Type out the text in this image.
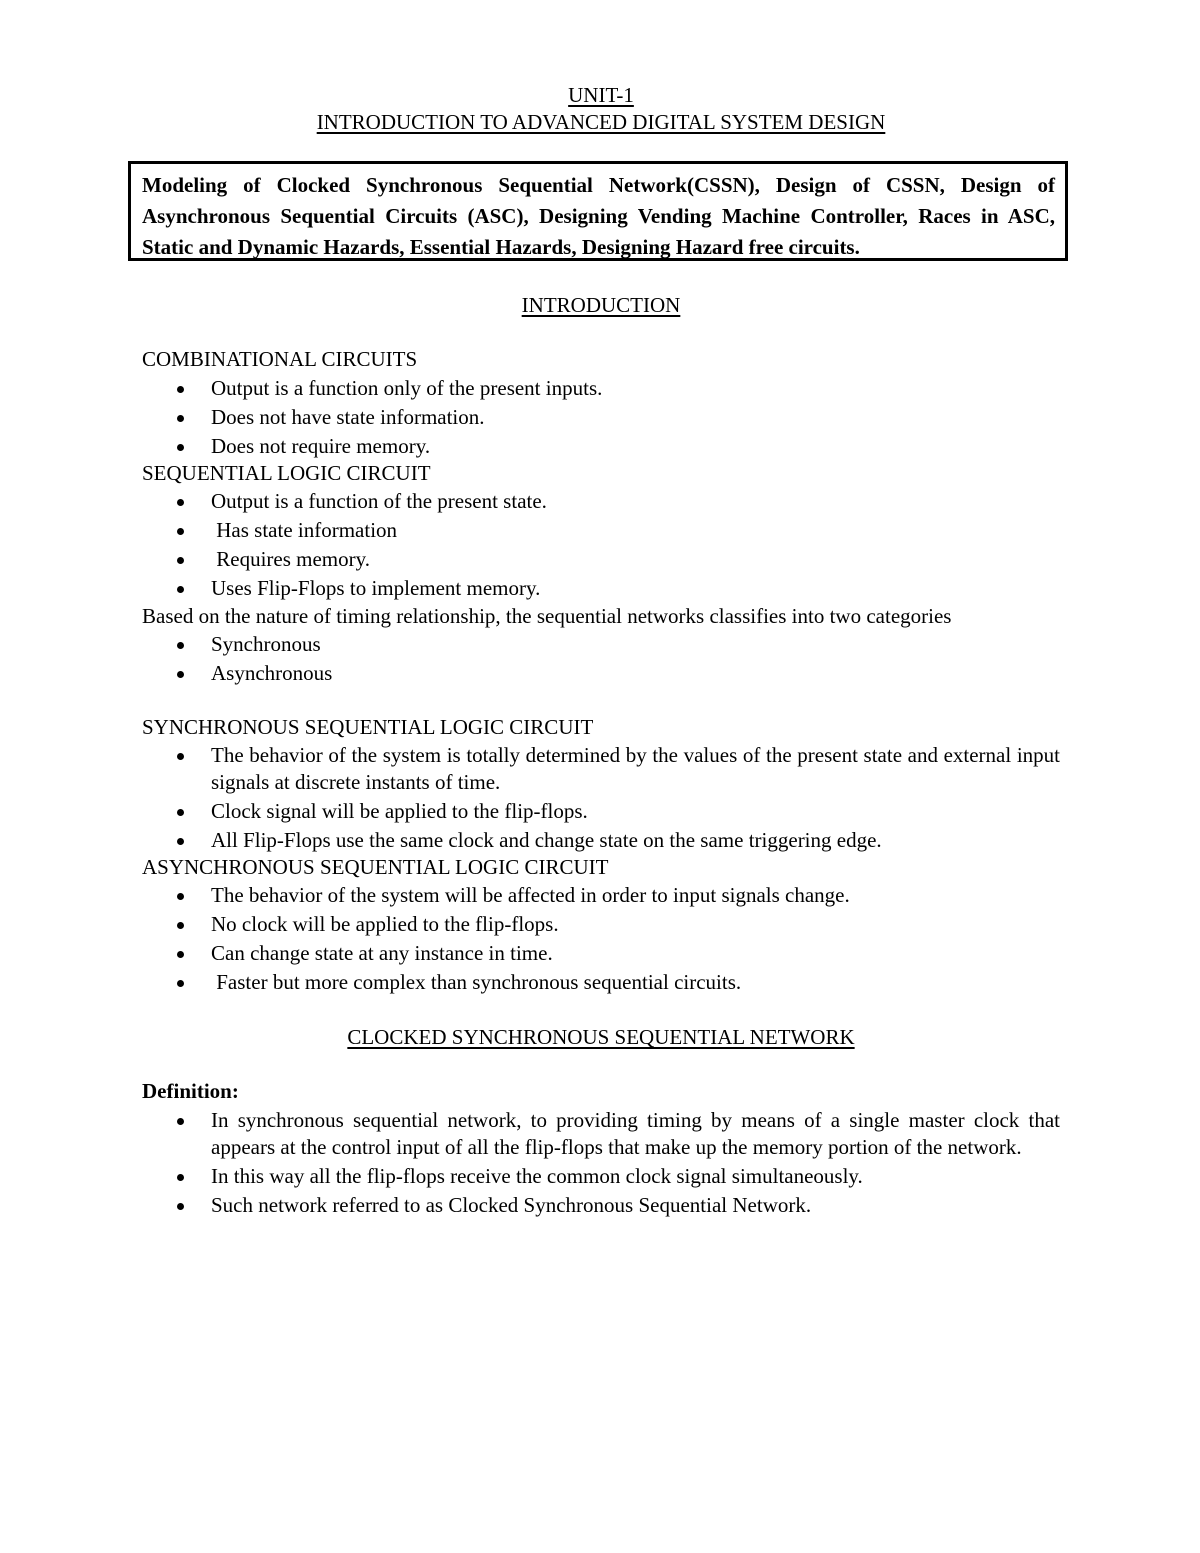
UNIT-1
INTRODUCTION TO ADVANCED DIGITAL SYSTEM DESIGN
Modeling of Clocked Synchronous Sequential Network(CSSN), Design of CSSN, Design of Asynchronous Sequential Circuits (ASC), Designing Vending Machine Controller, Races in ASC, Static and Dynamic Hazards, Essential Hazards, Designing Hazard free circuits.
INTRODUCTION
COMBINATIONAL CIRCUITS
Output is a function only of the present inputs.
Does not have state information.
Does not require memory.
SEQUENTIAL LOGIC CIRCUIT
Output is a function of the present state.
Has state information
Requires memory.
Uses Flip-Flops to implement memory.
Based on the nature of timing relationship, the sequential networks classifies into two categories
Synchronous
Asynchronous
SYNCHRONOUS SEQUENTIAL LOGIC CIRCUIT
The behavior of the system is totally determined by the values of the present state and external input signals at discrete instants of time.
Clock signal will be applied to the flip-flops.
All Flip-Flops use the same clock and change state on the same triggering edge.
ASYNCHRONOUS SEQUENTIAL LOGIC CIRCUIT
The behavior of the system will be affected in order to input signals change.
No clock will be applied to the flip-flops.
Can change state at any instance in time.
Faster but more complex than synchronous sequential circuits.
CLOCKED SYNCHRONOUS SEQUENTIAL NETWORK
Definition:
In synchronous sequential network, to providing timing by means of a single master clock that appears at the control input of all the flip-flops that make up the memory portion of the network.
In this way all the flip-flops receive the common clock signal simultaneously.
Such network referred to as Clocked Synchronous Sequential Network.
